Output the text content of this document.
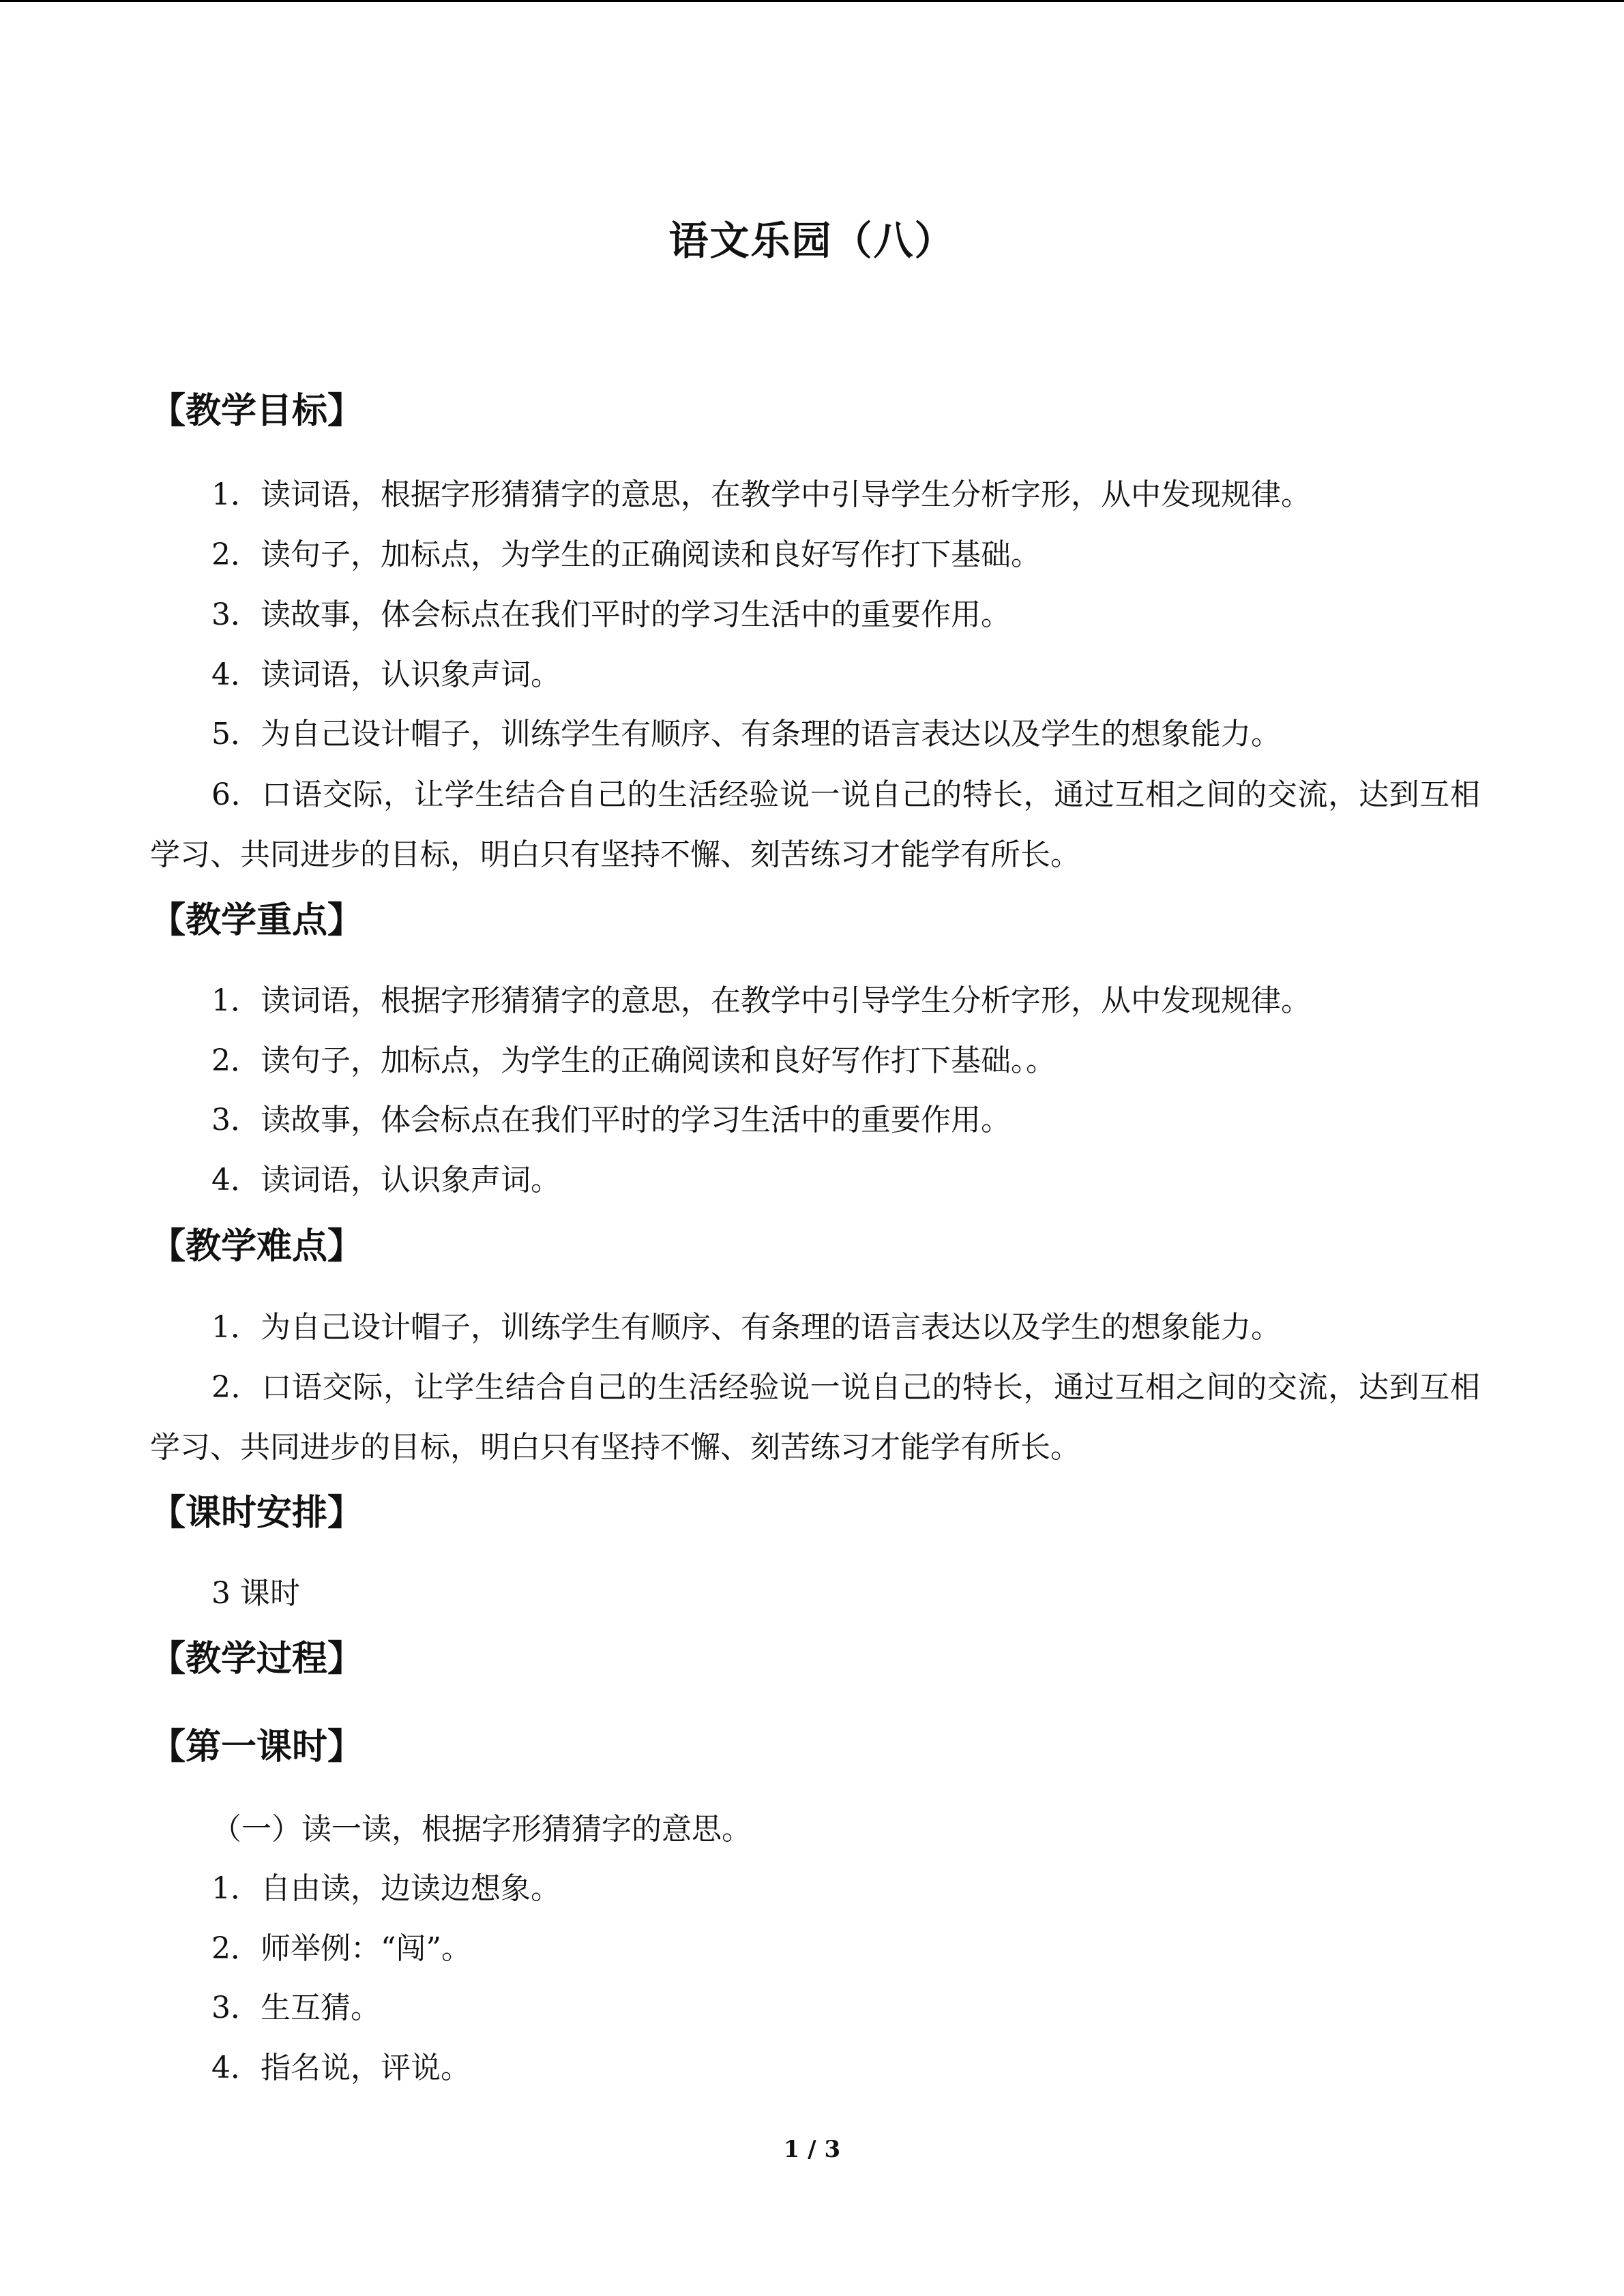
语文乐园（八）
【教学目标】
1．读词语，根据字形猜猜字的意思，在教学中引导学生分析字形，从中发现规律。
2．读句子，加标点，为学生的正确阅读和良好写作打下基础。
3．读故事，体会标点在我们平时的学习生活中的重要作用。
4．读词语，认识象声词。
5．为自己设计帽子，训练学生有顺序、有条理的语言表达以及学生的想象能力。
6．口语交际，让学生结合自己的生活经验说一说自己的特长，通过互相之间的交流，达到互相学习、共同进步的目标，明白只有坚持不懈、刻苦练习才能学有所长。
【教学重点】
1．读词语，根据字形猜猜字的意思，在教学中引导学生分析字形，从中发现规律。
2．读句子，加标点，为学生的正确阅读和良好写作打下基础。。
3．读故事，体会标点在我们平时的学习生活中的重要作用。
4．读词语，认识象声词。
【教学难点】
1．为自己设计帽子，训练学生有顺序、有条理的语言表达以及学生的想象能力。
2．口语交际，让学生结合自己的生活经验说一说自己的特长，通过互相之间的交流，达到互相学习、共同进步的目标，明白只有坚持不懈、刻苦练习才能学有所长。
【课时安排】
3 课时
【教学过程】
【第一课时】
（一）读一读，根据字形猜猜字的意思。
1．自由读，边读边想象。
2．师举例：“闯”。
3．生互猜。
4．指名说，评说。
1 / 3
